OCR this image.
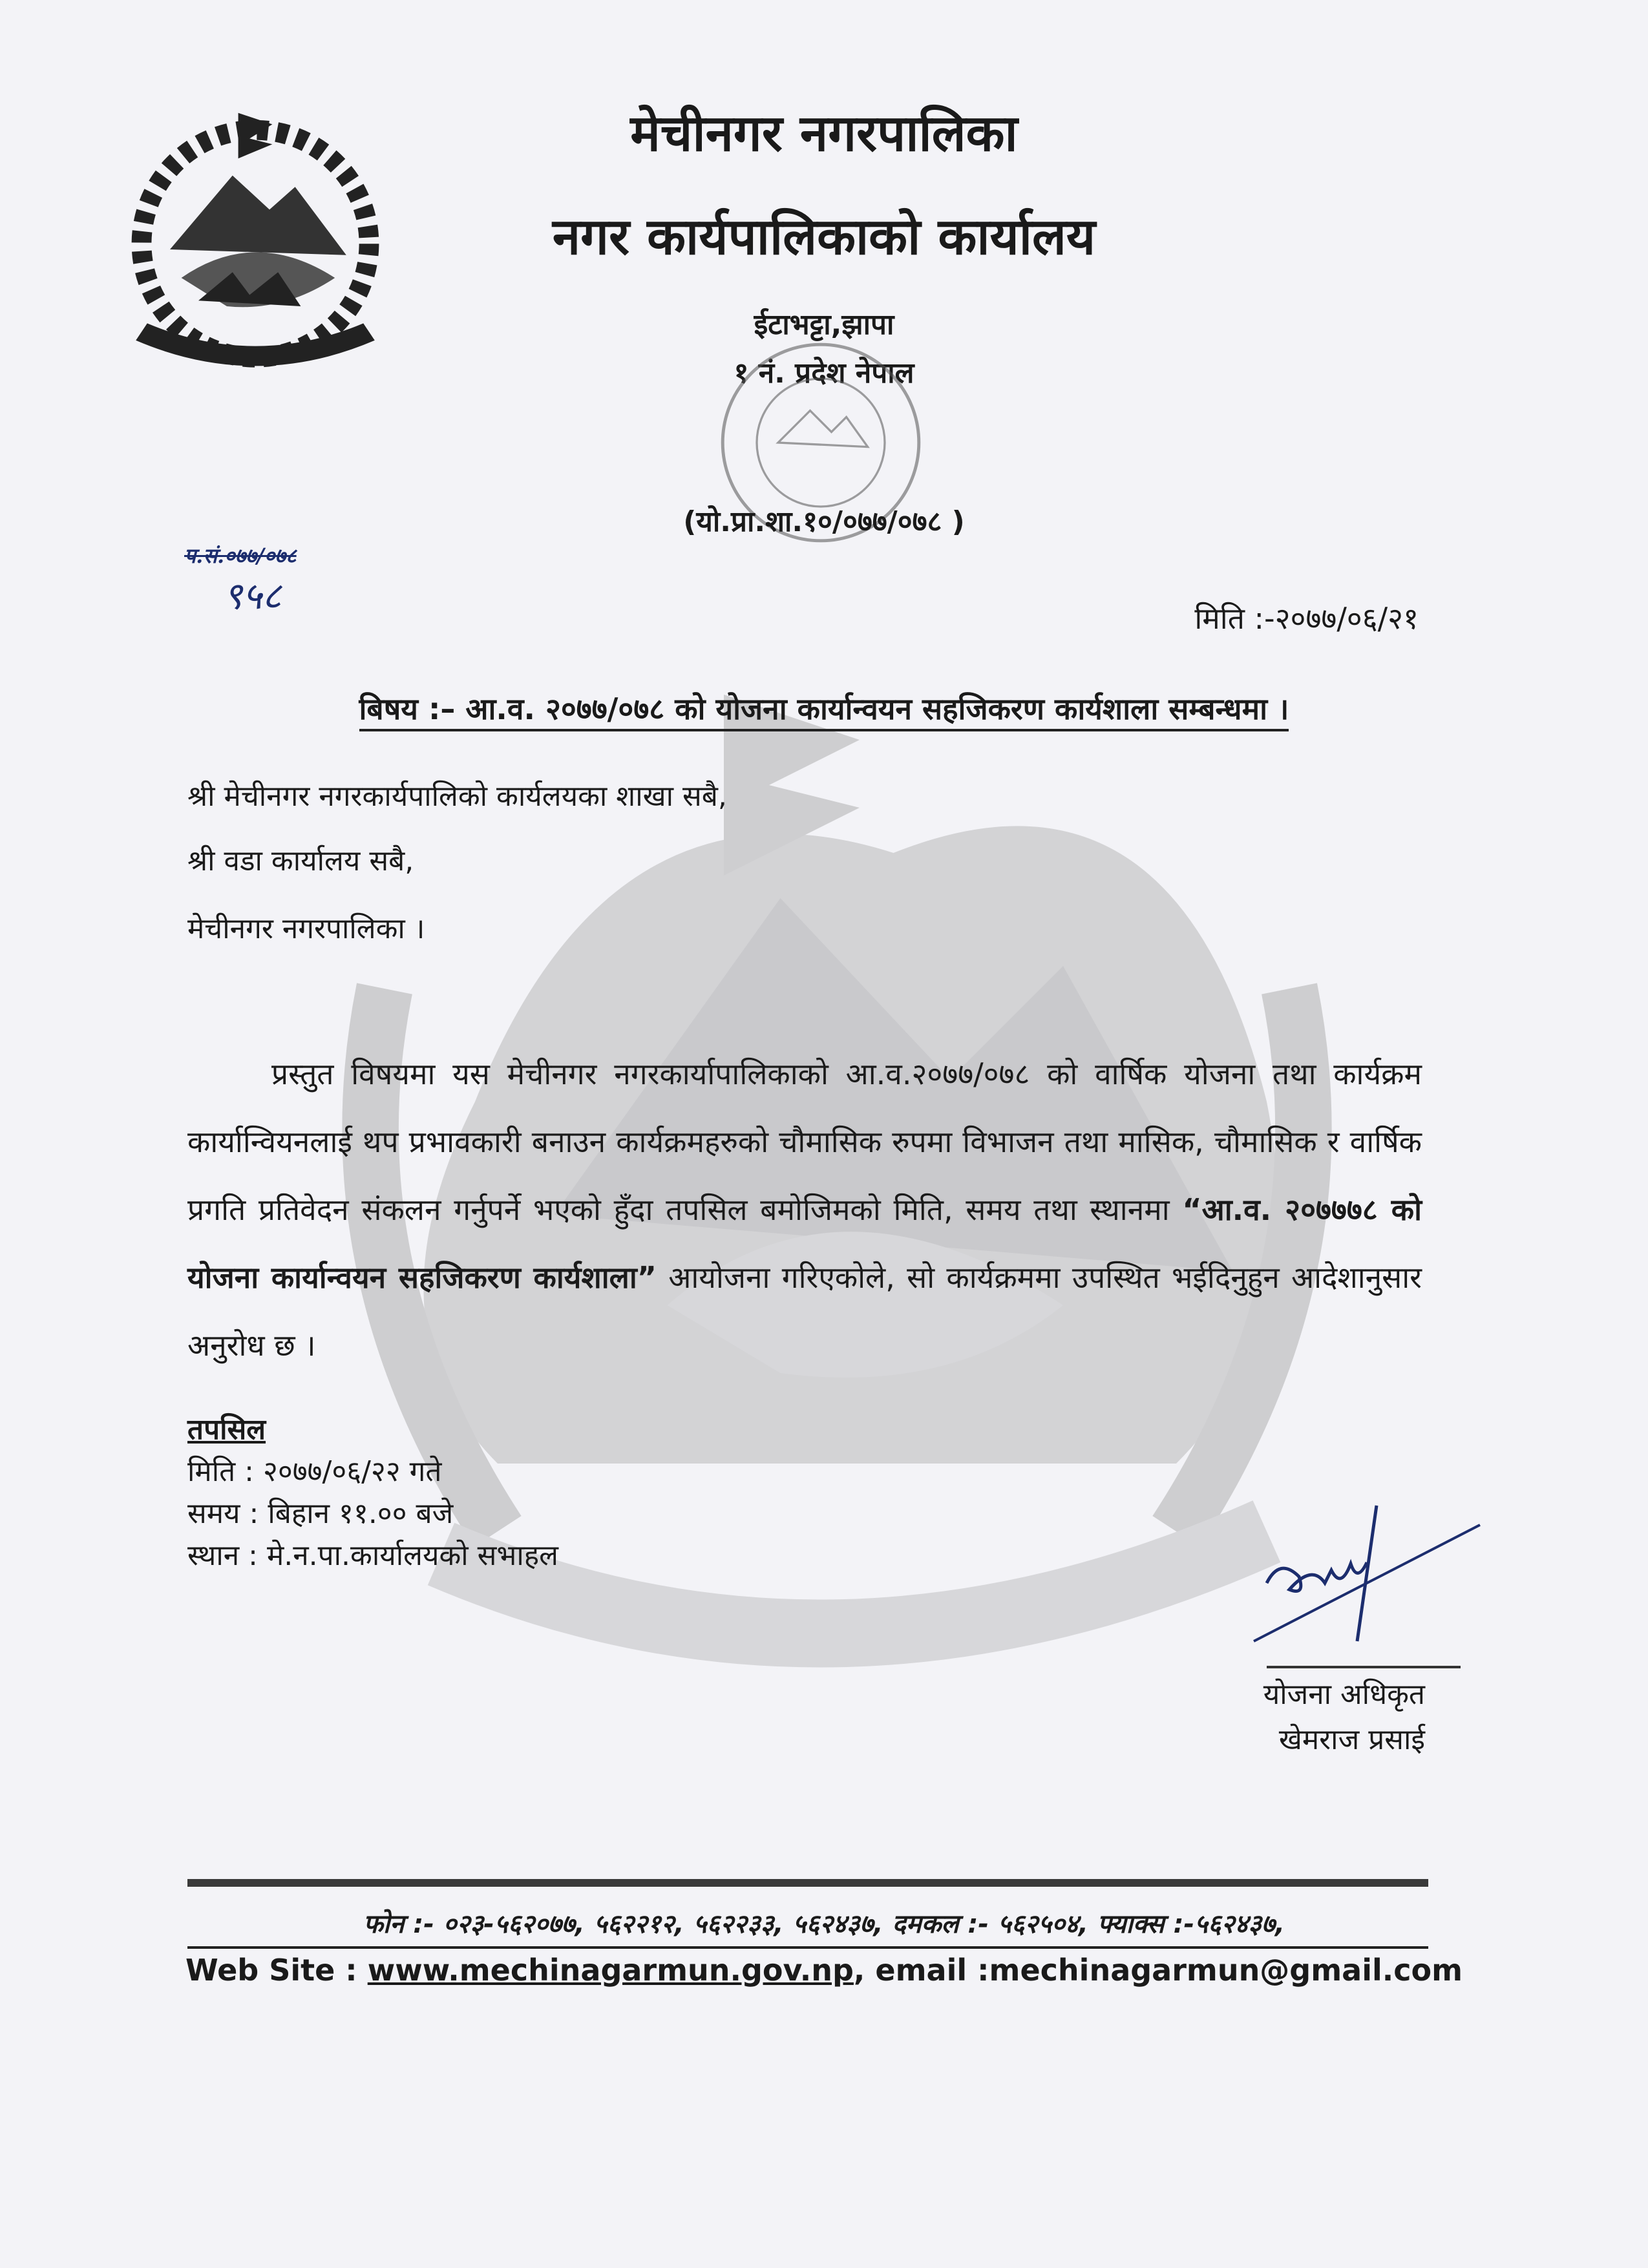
मेचीनगर नगरपालिका
नगर कार्यपालिकाको कार्यालय
ईटाभट्टा,झापा
१ नं. प्रदेश नेपाल
(यो.प्रा.शा.१०/०७७/०७८ )
प.सं.०७७/०७८
९५८
मिति :-२०७७/०६/२१
बिषय :– आ.व. २०७७/०७८ को योजना कार्यान्वयन सहजिकरण कार्यशाला सम्बन्धमा ।
श्री मेचीनगर नगरकार्यपालिको कार्यलयका शाखा सबै,
श्री वडा कार्यालय सबै,
मेचीनगर नगरपालिका ।
प्रस्तुत विषयमा यस मेचीनगर नगरकार्यापालिकाको आ.व.२०७७/०७८ को वार्षिक योजना तथा कार्यक्रम कार्यान्वियनलाई थप प्रभावकारी बनाउन कार्यक्रमहरुको चौमासिक रुपमा विभाजन तथा मासिक, चौमासिक र वार्षिक प्रगति प्रतिवेदन संकलन गर्नुपर्ने भएको हुँदा तपसिल बमोजिमको मिति, समय तथा स्थानमा “आ.व. २०७७७८ को योजना कार्यान्वयन सहजिकरण कार्यशाला” आयोजना गरिएकोले, सो कार्यक्रममा उपस्थित भईदिनुहुन आदेशानुसार अनुरोध छ ।
तपसिल
मिति : २०७७/०६/२२ गते
समय : बिहान ११.०० बजे
स्थान : मे.न.पा.कार्यालयको सभाहल
योजना अधिकृत
खेमराज प्रसाई
फोन :- ०२३-५६२०७७, ५६२२१२, ५६२२३३, ५६२४३७, दमकल :- ५६२५०४, फ्याक्स :-५६२४३७,
Web Site : www.mechinagarmun.gov.np, email :mechinagarmun@gmail.com
